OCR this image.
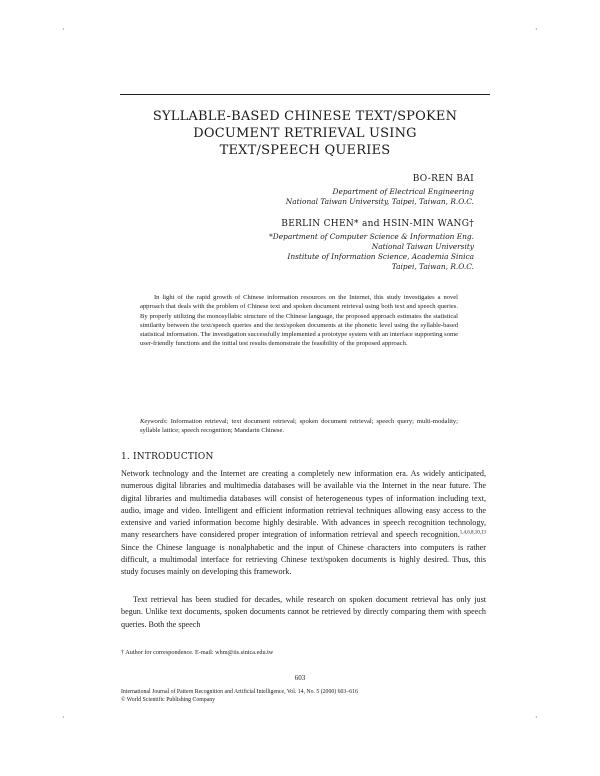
·	·
·	·
SYLLABLE-BASED CHINESE TEXT/SPOKEN
DOCUMENT RETRIEVAL USING
TEXT/SPEECH QUERIES
BO-REN BAI
Department of Electrical Engineering
National Taiwan University, Taipei, Taiwan, R.O.C.
BERLIN CHEN* and HSIN-MIN WANG†
*Department of Computer Science & Information Eng.
National Taiwan University
Institute of Information Science, Academia Sinica
Taipei, Taiwan, R.O.C.
In light of the rapid growth of Chinese information resources on the Internet, this study investigates a novel approach that deals with the problem of Chinese text and spoken document retrieval using both text and speech queries. By properly utilizing the monosyllabic structure of the Chinese language, the proposed approach estimates the statistical similarity between the text/speech queries and the text/spoken documents at the phonetic level using the syllable-based statistical information. The investigation successfully implemented a prototype system with an interface supporting some user-friendly functions and the initial test results demonstrate the feasibility of the proposed approach.
Keywords: Information retrieval; text document retrieval; spoken document retrieval; speech query; multi-modality; syllable lattice; speech recognition; Mandarin Chinese.
1. INTRODUCTION
Network technology and the Internet are creating a completely new information era. As widely anticipated, numerous digital libraries and multimedia databases will be available via the Internet in the near future. The digital libraries and multimedia databases will consist of heterogeneous types of information including text, audio, image and video. Intelligent and efficient information retrieval techniques allowing easy access to the extensive and varied information become highly desirable. With advances in speech recognition technology, many researchers have considered proper integration of information retrieval and speech recognition.$^{1,4,6,8,10,13}$ Since the Chinese language is nonalphabetic and the input of Chinese characters into computers is rather difficult, a multimodal interface for retrieving Chinese text/spoken documents is highly desired. Thus, this study focuses mainly on developing this framework.
Text retrieval has been studied for decades, while research on spoken document retrieval has only just begun. Unlike text documents, spoken documents cannot be retrieved by directly comparing them with speech queries. Both the speech
† Author for correspondence. E-mail: whm@iis.sinica.edu.tw
603
International Journal of Pattern Recognition and Artificial Intelligence, Vol. 14, No. 5 (2000) 603–616
© World Scientific Publishing Company
